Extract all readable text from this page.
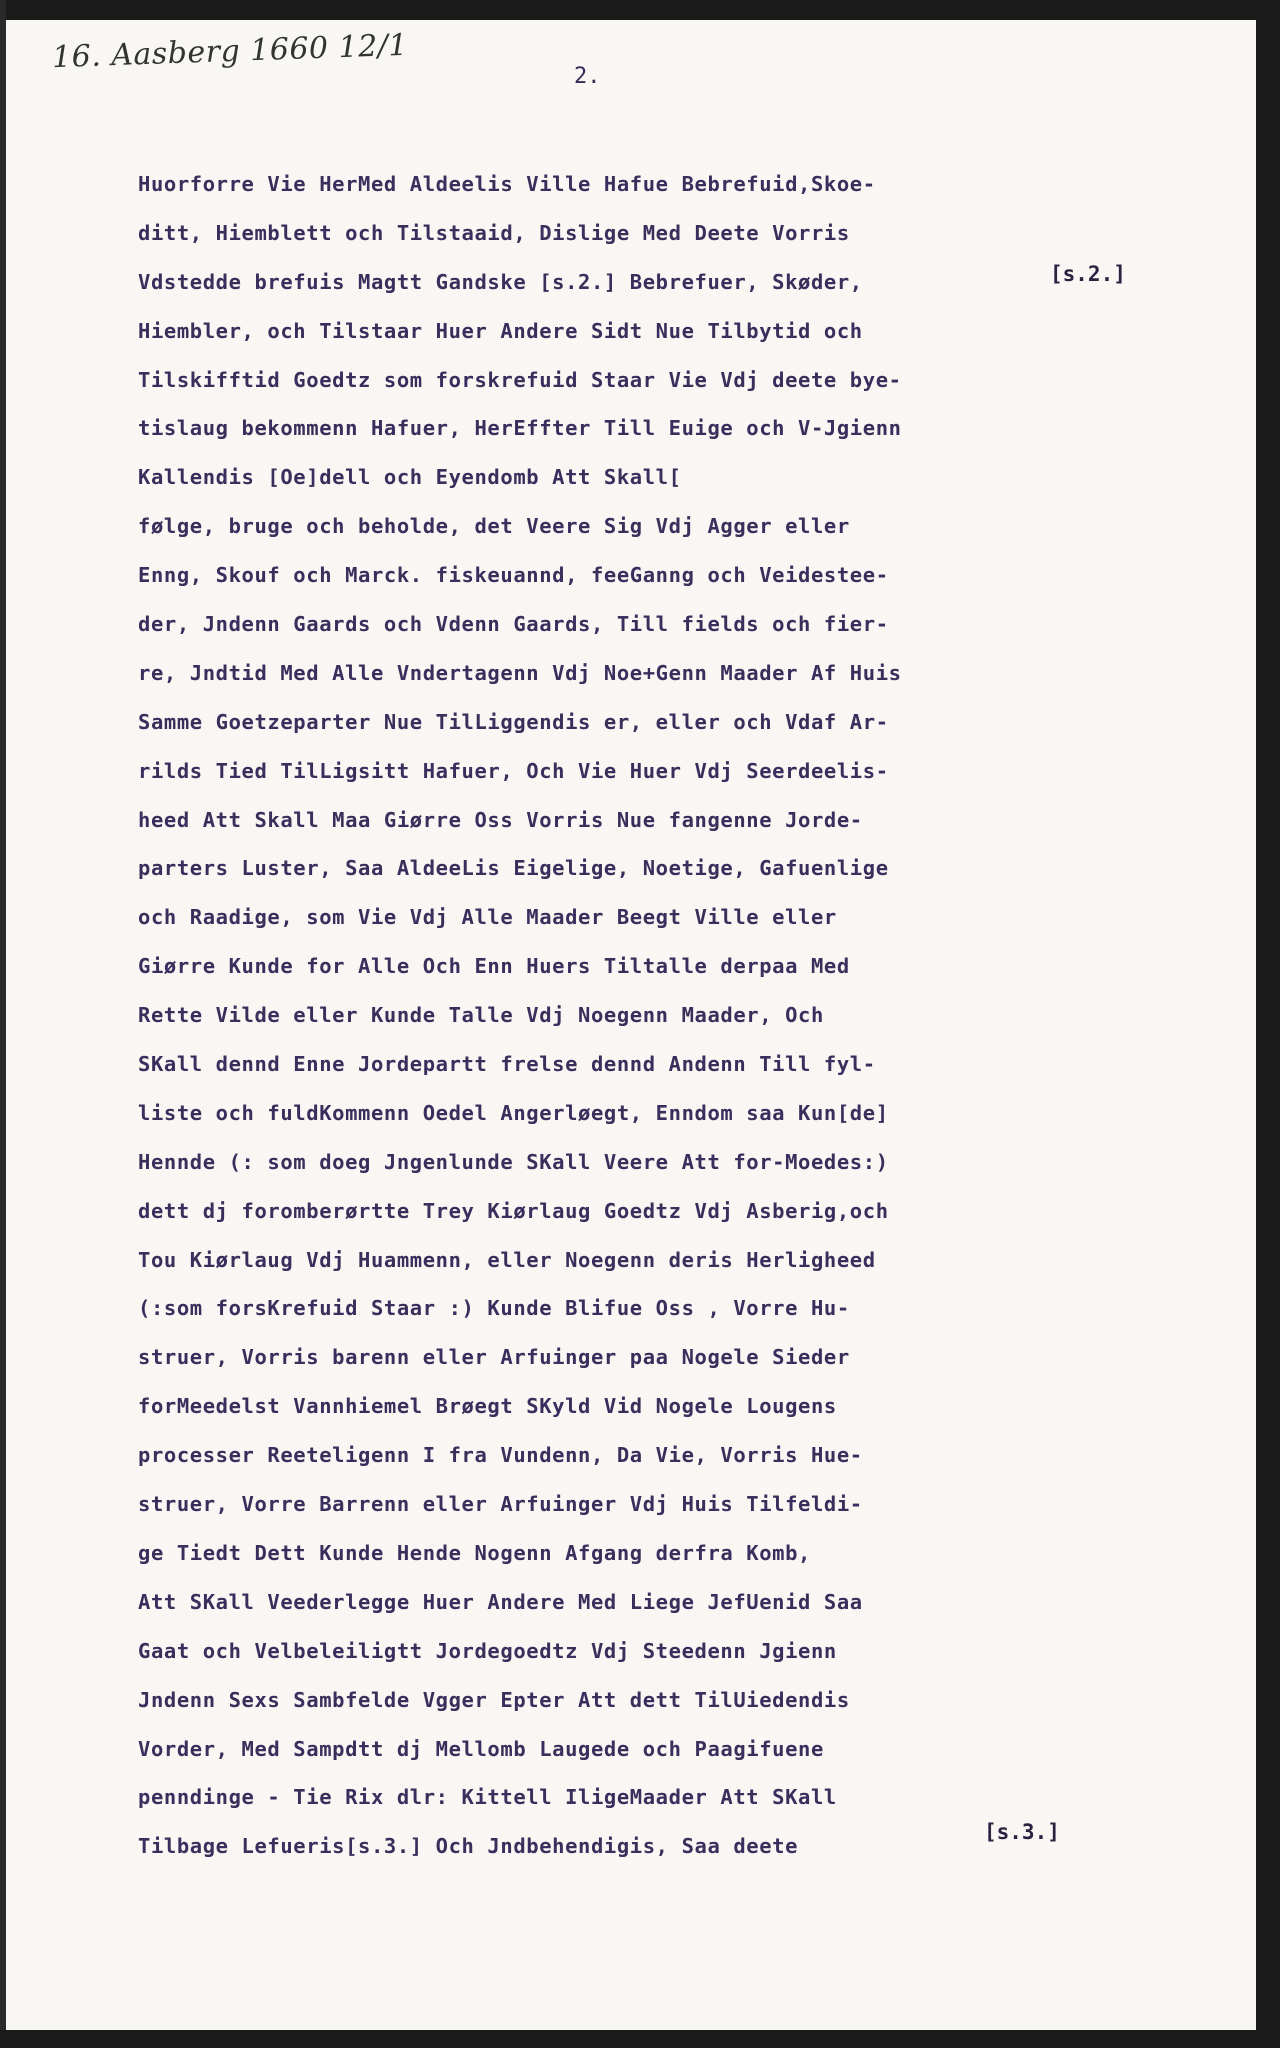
16. Aasberg 1660 12/1
2.
Huorforre Vie HerMed Aldeelis Ville Hafue Bebrefuid,Skoe-
ditt, Hiemblett och Tilstaaid, Dislige Med Deete Vorris
Vdstedde brefuis Magtt Gandske [s.2.] Bebrefuer, Skøder,
Hiembler, och Tilstaar Huer Andere Sidt Nue Tilbytid och
Tilskifftid Goedtz som forskrefuid Staar Vie Vdj deete bye-
tislaug bekommenn Hafuer, HerEffter Till Euige och V-Jgienn
Kallendis [Oe]dell och Eyendomb Att Skall[
følge, bruge och beholde, det Veere Sig Vdj Agger eller
Enng, Skouf och Marck. fiskeuannd, feeGanng och Veidestee-
der, Jndenn Gaards och Vdenn Gaards, Till fields och fier-
re, Jndtid Med Alle Vndertagenn Vdj Noe+Genn Maader Af Huis
Samme Goetzeparter Nue TilLiggendis er, eller och Vdaf Ar-
rilds Tied TilLigsitt Hafuer, Och Vie Huer Vdj Seerdeelis-
heed Att Skall Maa Giørre Oss Vorris Nue fangenne Jorde-
parters Luster, Saa AldeeLis Eigelige, Noetige, Gafuenlige
och Raadige, som Vie Vdj Alle Maader Beegt Ville eller
Giørre Kunde for Alle Och Enn Huers Tiltalle derpaa Med
Rette Vilde eller Kunde Talle Vdj Noegenn Maader, Och
SKall dennd Enne Jordepartt frelse dennd Andenn Till fyl-
liste och fuldKommenn Oedel Angerløegt, Enndom saa Kun[de]
Hennde (: som doeg Jngenlunde SKall Veere Att for-Moedes:)
dett dj foromberørtte Trey Kiørlaug Goedtz Vdj Asberig,och
Tou Kiørlaug Vdj Huammenn, eller Noegenn deris Herligheed
(:som forsKrefuid Staar :) Kunde Blifue Oss , Vorre Hu-
struer, Vorris barenn eller Arfuinger paa Nogele Sieder
forMeedelst Vannhiemel Brøegt SKyld Vid Nogele Lougens
processer Reeteligenn I fra Vundenn, Da Vie, Vorris Hue-
struer, Vorre Barrenn eller Arfuinger Vdj Huis Tilfeldi-
ge Tiedt Dett Kunde Hende Nogenn Afgang derfra Komb,
Att SKall Veederlegge Huer Andere Med Liege JefUenid Saa
Gaat och Velbeleiligtt Jordegoedtz Vdj Steedenn Jgienn
Jndenn Sexs Sambfelde Vgger Epter Att dett TilUiedendis
Vorder, Med Sampdtt dj Mellomb Laugede och Paagifuene
penndinge - Tie Rix dlr: Kittell IligeMaader Att SKall
Tilbage Lefueris[s.3.] Och Jndbehendigis, Saa deete
[s.2.]
[s.3.]
